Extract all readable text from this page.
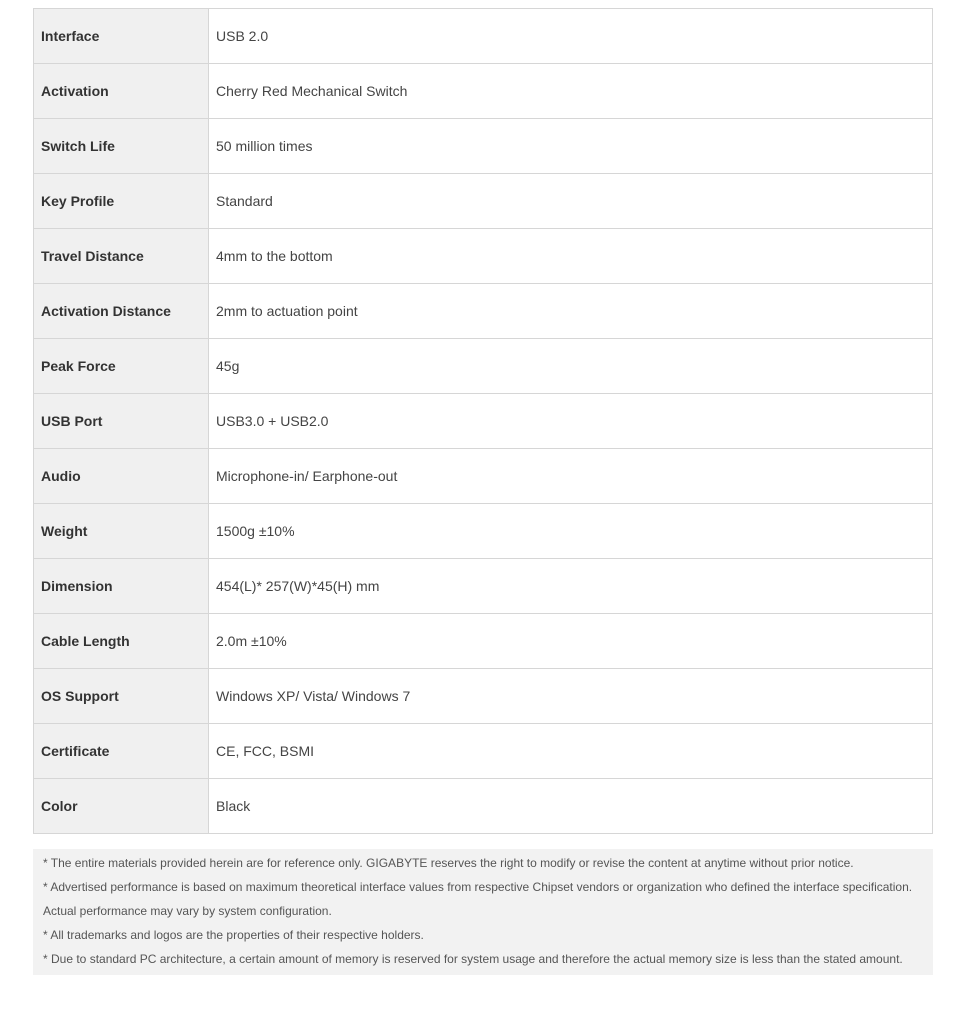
Interface	USB 2.0
Activation	Cherry Red Mechanical Switch
Switch Life	50 million times
Key Profile	Standard
Travel Distance	4mm to the bottom
Activation Distance	2mm to actuation point
Peak Force	45g
USB Port	USB3.0 + USB2.0
Audio	Microphone-in/ Earphone-out
Weight	1500g ±10%
Dimension	454(L)* 257(W)*45(H) mm
Cable Length	2.0m ±10%
OS Support	Windows XP/ Vista/ Windows 7
Certificate	CE, FCC, BSMI
Color	Black

* The entire materials provided herein are for reference only. GIGABYTE reserves the right to modify or revise the content at anytime without prior notice.

* Advertised performance is based on maximum theoretical interface values from respective Chipset vendors or organization who defined the interface specification. Actual performance may vary by system configuration.

* All trademarks and logos are the properties of their respective holders.

* Due to standard PC architecture, a certain amount of memory is reserved for system usage and therefore the actual memory size is less than the stated amount.
